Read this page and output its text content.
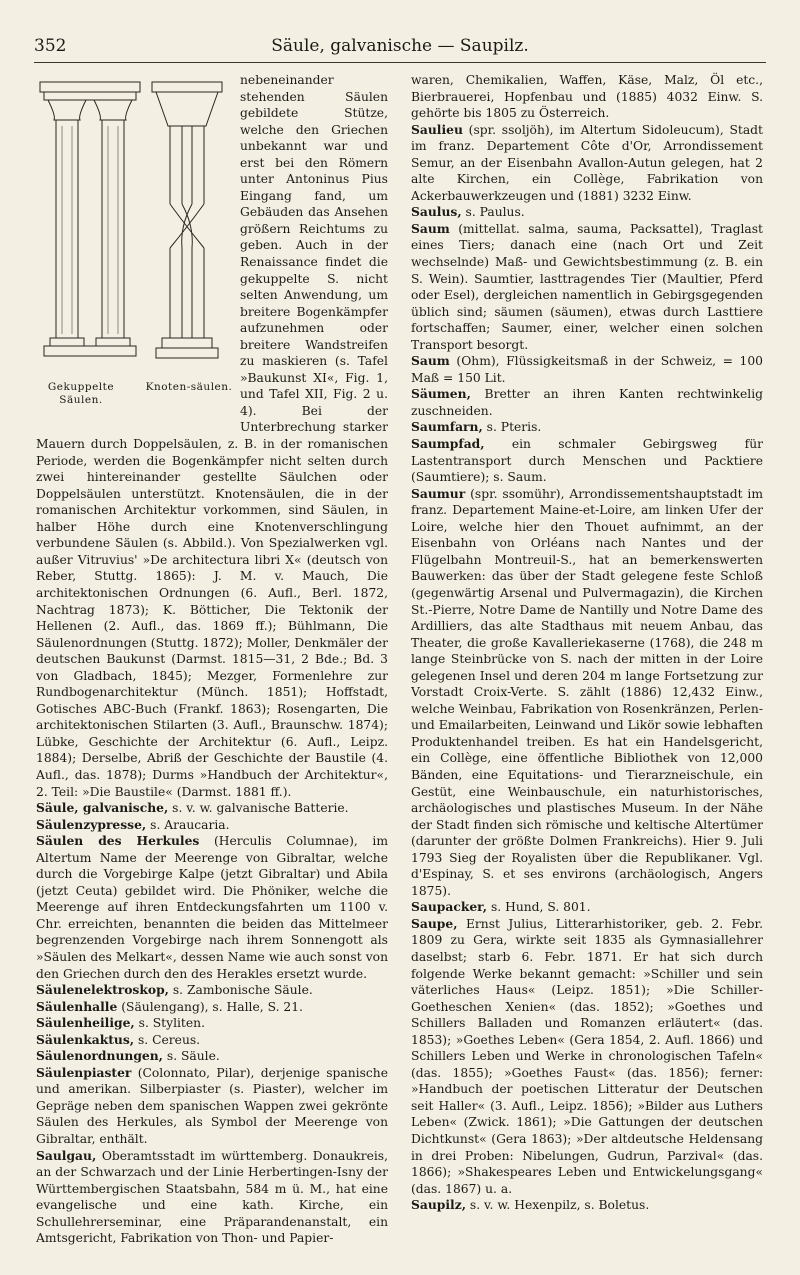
352	Säule, galvanische — Saupilz.
Gekuppelte Säulen.
Knoten-säulen.

nebeneinander stehenden Säulen gebildete Stütze, welche den Griechen unbekannt war und erst bei den Römern unter Antoninus Pius Eingang fand, um Gebäuden das Ansehen größern Reichtums zu geben. Auch in der Renaissance findet die gekuppelte S. nicht selten Anwendung, um breitere Bogenkämpfer aufzunehmen oder breitere Wandstreifen zu maskieren (s. Tafel »Baukunst XI«, Fig. 1, und Tafel XII, Fig. 2 u. 4). Bei der Unterbrechung starker Mauern durch Doppelsäulen, z. B. in der romanischen Periode, werden die Bogenkämpfer nicht selten durch zwei hintereinander gestellte Säulchen oder Doppelsäulen unterstützt. Knotensäulen, die in der romanischen Architektur vorkommen, sind Säulen, in halber Höhe durch eine Knotenverschlingung verbundene Säulen (s. Abbild.). Von Spezialwerken vgl. außer Vitruvius' »De architectura libri X« (deutsch von Reber, Stuttg. 1865): J. M. v. Mauch, Die architektonischen Ordnungen (6. Aufl., Berl. 1872, Nachtrag 1873); K. Bötticher, Die Tektonik der Hellenen (2. Aufl., das. 1869 ff.); Bühlmann, Die Säulenordnungen (Stuttg. 1872); Moller, Denkmäler der deutschen Baukunst (Darmst. 1815—31, 2 Bde.; Bd. 3 von Gladbach, 1845); Mezger, Formenlehre zur Rundbogenarchitektur (Münch. 1851); Hoffstadt, Gotisches ABC-Buch (Frankf. 1863); Rosengarten, Die architektonischen Stilarten (3. Aufl., Braunschw. 1874); Lübke, Geschichte der Architektur (6. Aufl., Leipz. 1884); Derselbe, Abriß der Geschichte der Baustile (4. Aufl., das. 1878); Durms »Handbuch der Architektur«, 2. Teil: »Die Baustile« (Darmst. 1881 ff.).

Säule, galvanische, s. v. w. galvanische Batterie.

Säulenzypresse, s. Araucaria.

Säulen des Herkules (Herculis Columnae), im Altertum Name der Meerenge von Gibraltar, welche durch die Vorgebirge Kalpe (jetzt Gibraltar) und Abila (jetzt Ceuta) gebildet wird. Die Phöniker, welche die Meerenge auf ihren Entdeckungsfahrten um 1100 v. Chr. erreichten, benannten die beiden das Mittelmeer begrenzenden Vorgebirge nach ihrem Sonnengott als »Säulen des Melkart«, dessen Name wie auch sonst von den Griechen durch den des Herakles ersetzt wurde.

Säulenelektroskop, s. Zambonische Säule.

Säulenhalle (Säulengang), s. Halle, S. 21.

Säulenheilige, s. Styliten.

Säulenkaktus, s. Cereus.

Säulenordnungen, s. Säule.

Säulenpiaster (Colonnato, Pilar), derjenige spanische und amerikan. Silberpiaster (s. Piaster), welcher im Gepräge neben dem spanischen Wappen zwei gekrönte Säulen des Herkules, als Symbol der Meerenge von Gibraltar, enthält.

Saulgau, Oberamtsstadt im württemberg. Donaukreis, an der Schwarzach und der Linie Herbertingen-Isny der Württembergischen Staatsbahn, 584 m ü. M., hat eine evangelische und eine kath. Kirche, ein Schullehrerseminar, eine Präparandenanstalt, ein Amtsgericht, Fabrikation von Thon- und Papier-

waren, Chemikalien, Waffen, Käse, Malz, Öl etc., Bierbrauerei, Hopfenbau und (1885) 4032 Einw. S. gehörte bis 1805 zu Österreich.

Saulieu (spr. ssoljöh), im Altertum Sidoleucum), Stadt im franz. Departement Côte d'Or, Arrondissement Semur, an der Eisenbahn Avallon-Autun gelegen, hat 2 alte Kirchen, ein Collège, Fabrikation von Ackerbauwerkzeugen und (1881) 3232 Einw.

Saulus, s. Paulus.

Saum (mittellat. salma, sauma, Packsattel), Traglast eines Tiers; danach eine (nach Ort und Zeit wechselnde) Maß- und Gewichtsbestimmung (z. B. ein S. Wein). Saumtier, lasttragendes Tier (Maultier, Pferd oder Esel), dergleichen namentlich in Gebirgsgegenden üblich sind; säumen (säumen), etwas durch Lasttiere fortschaffen; Saumer, einer, welcher einen solchen Transport besorgt.

Saum (Ohm), Flüssigkeitsmaß in der Schweiz, = 100 Maß = 150 Lit.

Säumen, Bretter an ihren Kanten rechtwinkelig zuschneiden.

Saumfarn, s. Pteris.

Saumpfad, ein schmaler Gebirgsweg für Lastentransport durch Menschen und Packtiere (Saumtiere); s. Saum.

Saumur (spr. ssomühr), Arrondissementshauptstadt im franz. Departement Maine-et-Loire, am linken Ufer der Loire, welche hier den Thouet aufnimmt, an der Eisenbahn von Orléans nach Nantes und der Flügelbahn Montreuil-S., hat an bemerkenswerten Bauwerken: das über der Stadt gelegene feste Schloß (gegenwärtig Arsenal und Pulvermagazin), die Kirchen St.-Pierre, Notre Dame de Nantilly und Notre Dame des Ardilliers, das alte Stadthaus mit neuem Anbau, das Theater, die große Kavalleriekaserne (1768), die 248 m lange Steinbrücke von S. nach der mitten in der Loire gelegenen Insel und deren 204 m lange Fortsetzung zur Vorstadt Croix-Verte. S. zählt (1886) 12,432 Einw., welche Weinbau, Fabrikation von Rosenkränzen, Perlen- und Emailarbeiten, Leinwand und Likör sowie lebhaften Produktenhandel treiben. Es hat ein Handelsgericht, ein Collège, eine öffentliche Bibliothek von 12,000 Bänden, eine Equitations- und Tierarzneischule, ein Gestüt, eine Weinbauschule, ein naturhistorisches, archäologisches und plastisches Museum. In der Nähe der Stadt finden sich römische und keltische Altertümer (darunter der größte Dolmen Frankreichs). Hier 9. Juli 1793 Sieg der Royalisten über die Republikaner. Vgl. d'Espinay, S. et ses environs (archäologisch, Angers 1875).

Saupacker, s. Hund, S. 801.

Saupe, Ernst Julius, Litterarhistoriker, geb. 2. Febr. 1809 zu Gera, wirkte seit 1835 als Gymnasiallehrer daselbst; starb 6. Febr. 1871. Er hat sich durch folgende Werke bekannt gemacht: »Schiller und sein väterliches Haus« (Leipz. 1851); »Die Schiller-Goetheschen Xenien« (das. 1852); »Goethes und Schillers Balladen und Romanzen erläutert« (das. 1853); »Goethes Leben« (Gera 1854, 2. Aufl. 1866) und Schillers Leben und Werke in chronologischen Tafeln« (das. 1855); »Goethes Faust« (das. 1856); ferner: »Handbuch der poetischen Litteratur der Deutschen seit Haller« (3. Aufl., Leipz. 1856); »Bilder aus Luthers Leben« (Zwick. 1861); »Die Gattungen der deutschen Dichtkunst« (Gera 1863); »Der altdeutsche Heldensang in drei Proben: Nibelungen, Gudrun, Parzival« (das. 1866); »Shakespeares Leben und Entwickelungsgang« (das. 1867) u. a.

Saupilz, s. v. w. Hexenpilz, s. Boletus.
